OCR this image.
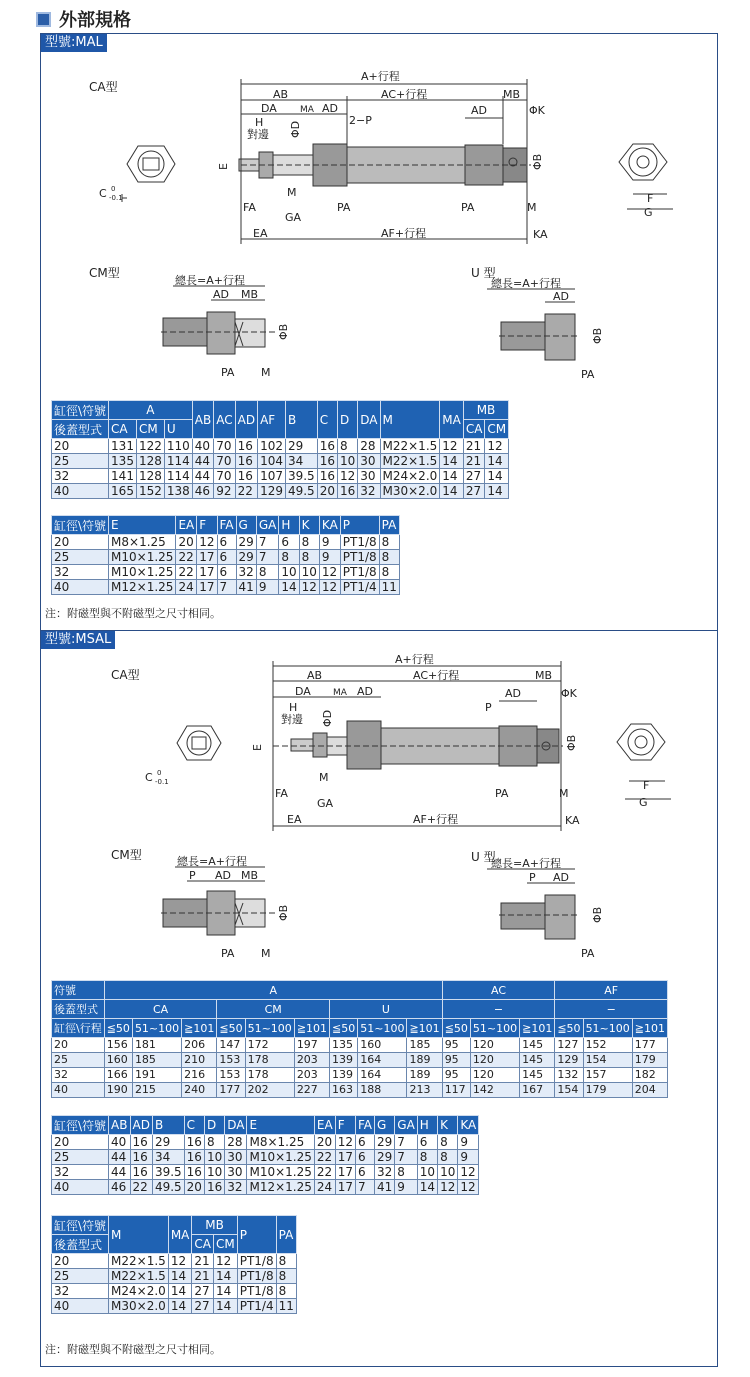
外部規格
型號:MAL
CA型
CM型	U 型
A+行程
AB	AC+行程	MB
DA	MA AD	AD	ΦK
H
對邊
2−P
ΦD
E	ΦB
M
FA
GA
PA	PA	M
EA	AF+行程	KA
F
G
C 0
-0.1
總長=A+行程
AD MB
ΦB
PA M
總長=A+行程
AD
ΦB
PA
缸徑\符號	A			AB	AC	AD	AF	B	C	D	DA	M	MA	MB	
後蓋型式	CA	CM	U											CA	CM
20	131	122	110	40	70	16	102	29	16	8	28	M22×1.5	12	21	12
25	135	128	114	44	70	16	104	34	16	10	30	M22×1.5	14	21	14
32	141	128	114	44	70	16	107	39.5	16	12	30	M24×2.0	14	27	14
40	165	152	138	46	92	22	129	49.5	20	16	32	M30×2.0	14	27	14
缸徑\符號	E	EA	F	FA	G	GA	H	K	KA	P	PA
20	M8×1.25	20	12	6	29	7	6	8	9	PT1/8	8
25	M10×1.25	22	17	6	29	7	8	8	9	PT1/8	8
32	M10×1.25	22	17	6	32	8	10	10	12	PT1/8	8
40	M12×1.25	24	17	7	41	9	14	12	12	PT1/4	11
注：附磁型與不附磁型之尺寸相同。
型號:MSAL
CA型
CM型	U 型
A+行程
AB	AC+行程	MB
DA MA AD	AD	ΦK
P
H
對邊 ΦD
E	ΦB
M
FA
GA
PA	M
EA	AF+行程	KA
F
G
C 0
-0.1
總長=A+行程
P AD MB
ΦB
PA M
總長=A+行程
P AD
ΦB
PA
符號	A									AC			AF		
後蓋型式	CA			CM			U			−			−		
缸徑\行程	≦50	51~100	≧101	≦50	51~100	≧101	≦50	51~100	≧101	≦50	51~100	≧101	≦50	51~100	≧101
20	156	181	206	147	172	197	135	160	185	95	120	145	127	152	177
25	160	185	210	153	178	203	139	164	189	95	120	145	129	154	179
32	166	191	216	153	178	203	139	164	189	95	120	145	132	157	182
40	190	215	240	177	202	227	163	188	213	117	142	167	154	179	204
缸徑\符號	AB	AD	B	C	D	DA	E	EA	F	FA	G	GA	H	K	KA
20	40	16	29	16	8	28	M8×1.25	20	12	6	29	7	6	8	9
25	44	16	34	16	10	30	M10×1.25	22	17	6	29	7	8	8	9
32	44	16	39.5	16	10	30	M10×1.25	22	17	6	32	8	10	10	12
40	46	22	49.5	20	16	32	M12×1.25	24	17	7	41	9	14	12	12
缸徑\符號	M	MA	MB		P	PA
後蓋型式			CA	CM		
20	M22×1.5	12	21	12	PT1/8	8
25	M22×1.5	14	21	14	PT1/8	8
32	M24×2.0	14	27	14	PT1/8	8
40	M30×2.0	14	27	14	PT1/4	11
注：附磁型與不附磁型之尺寸相同。
